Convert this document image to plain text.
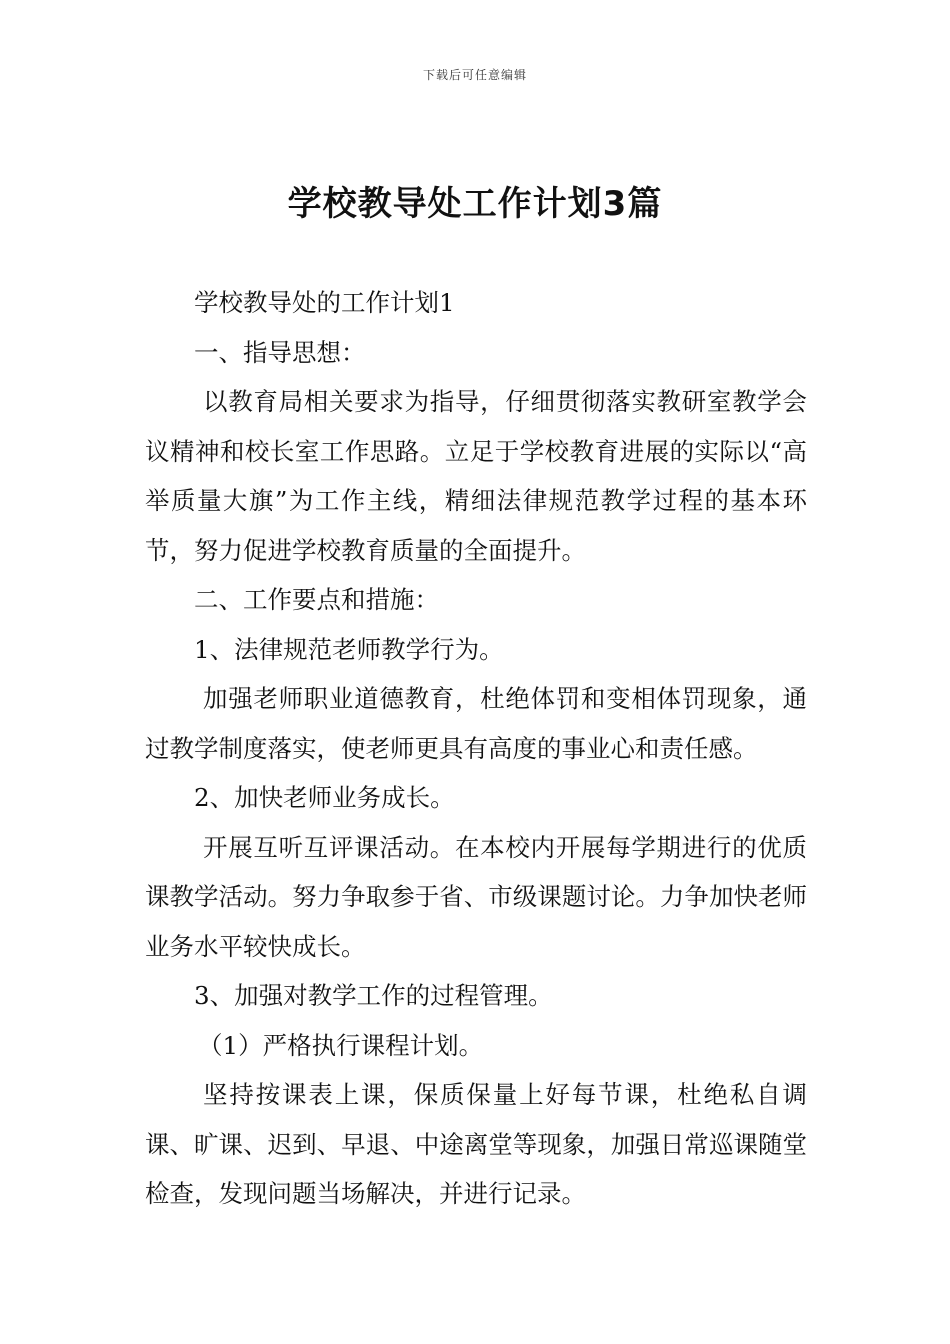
下载后可任意编辑
学校教导处工作计划3篇

学校教导处的工作计划1

一、指导思想：

以教育局相关要求为指导，仔细贯彻落实教研室教学会议精神和校长室工作思路。立足于学校教育进展的实际以“高举质量大旗”为工作主线，精细法律规范教学过程的基本环节，努力促进学校教育质量的全面提升。

二、工作要点和措施：

1、法律规范老师教学行为。

加强老师职业道德教育，杜绝体罚和变相体罚现象，通过教学制度落实，使老师更具有高度的事业心和责任感。

2、加快老师业务成长。

开展互听互评课活动。在本校内开展每学期进行的优质课教学活动。努力争取参于省、市级课题讨论。力争加快老师业务水平较快成长。

3、加强对教学工作的过程管理。

（1）严格执行课程计划。

坚持按课表上课，保质保量上好每节课，杜绝私自调课、旷课、迟到、早退、中途离堂等现象，加强日常巡课随堂检查，发现问题当场解决，并进行记录。
